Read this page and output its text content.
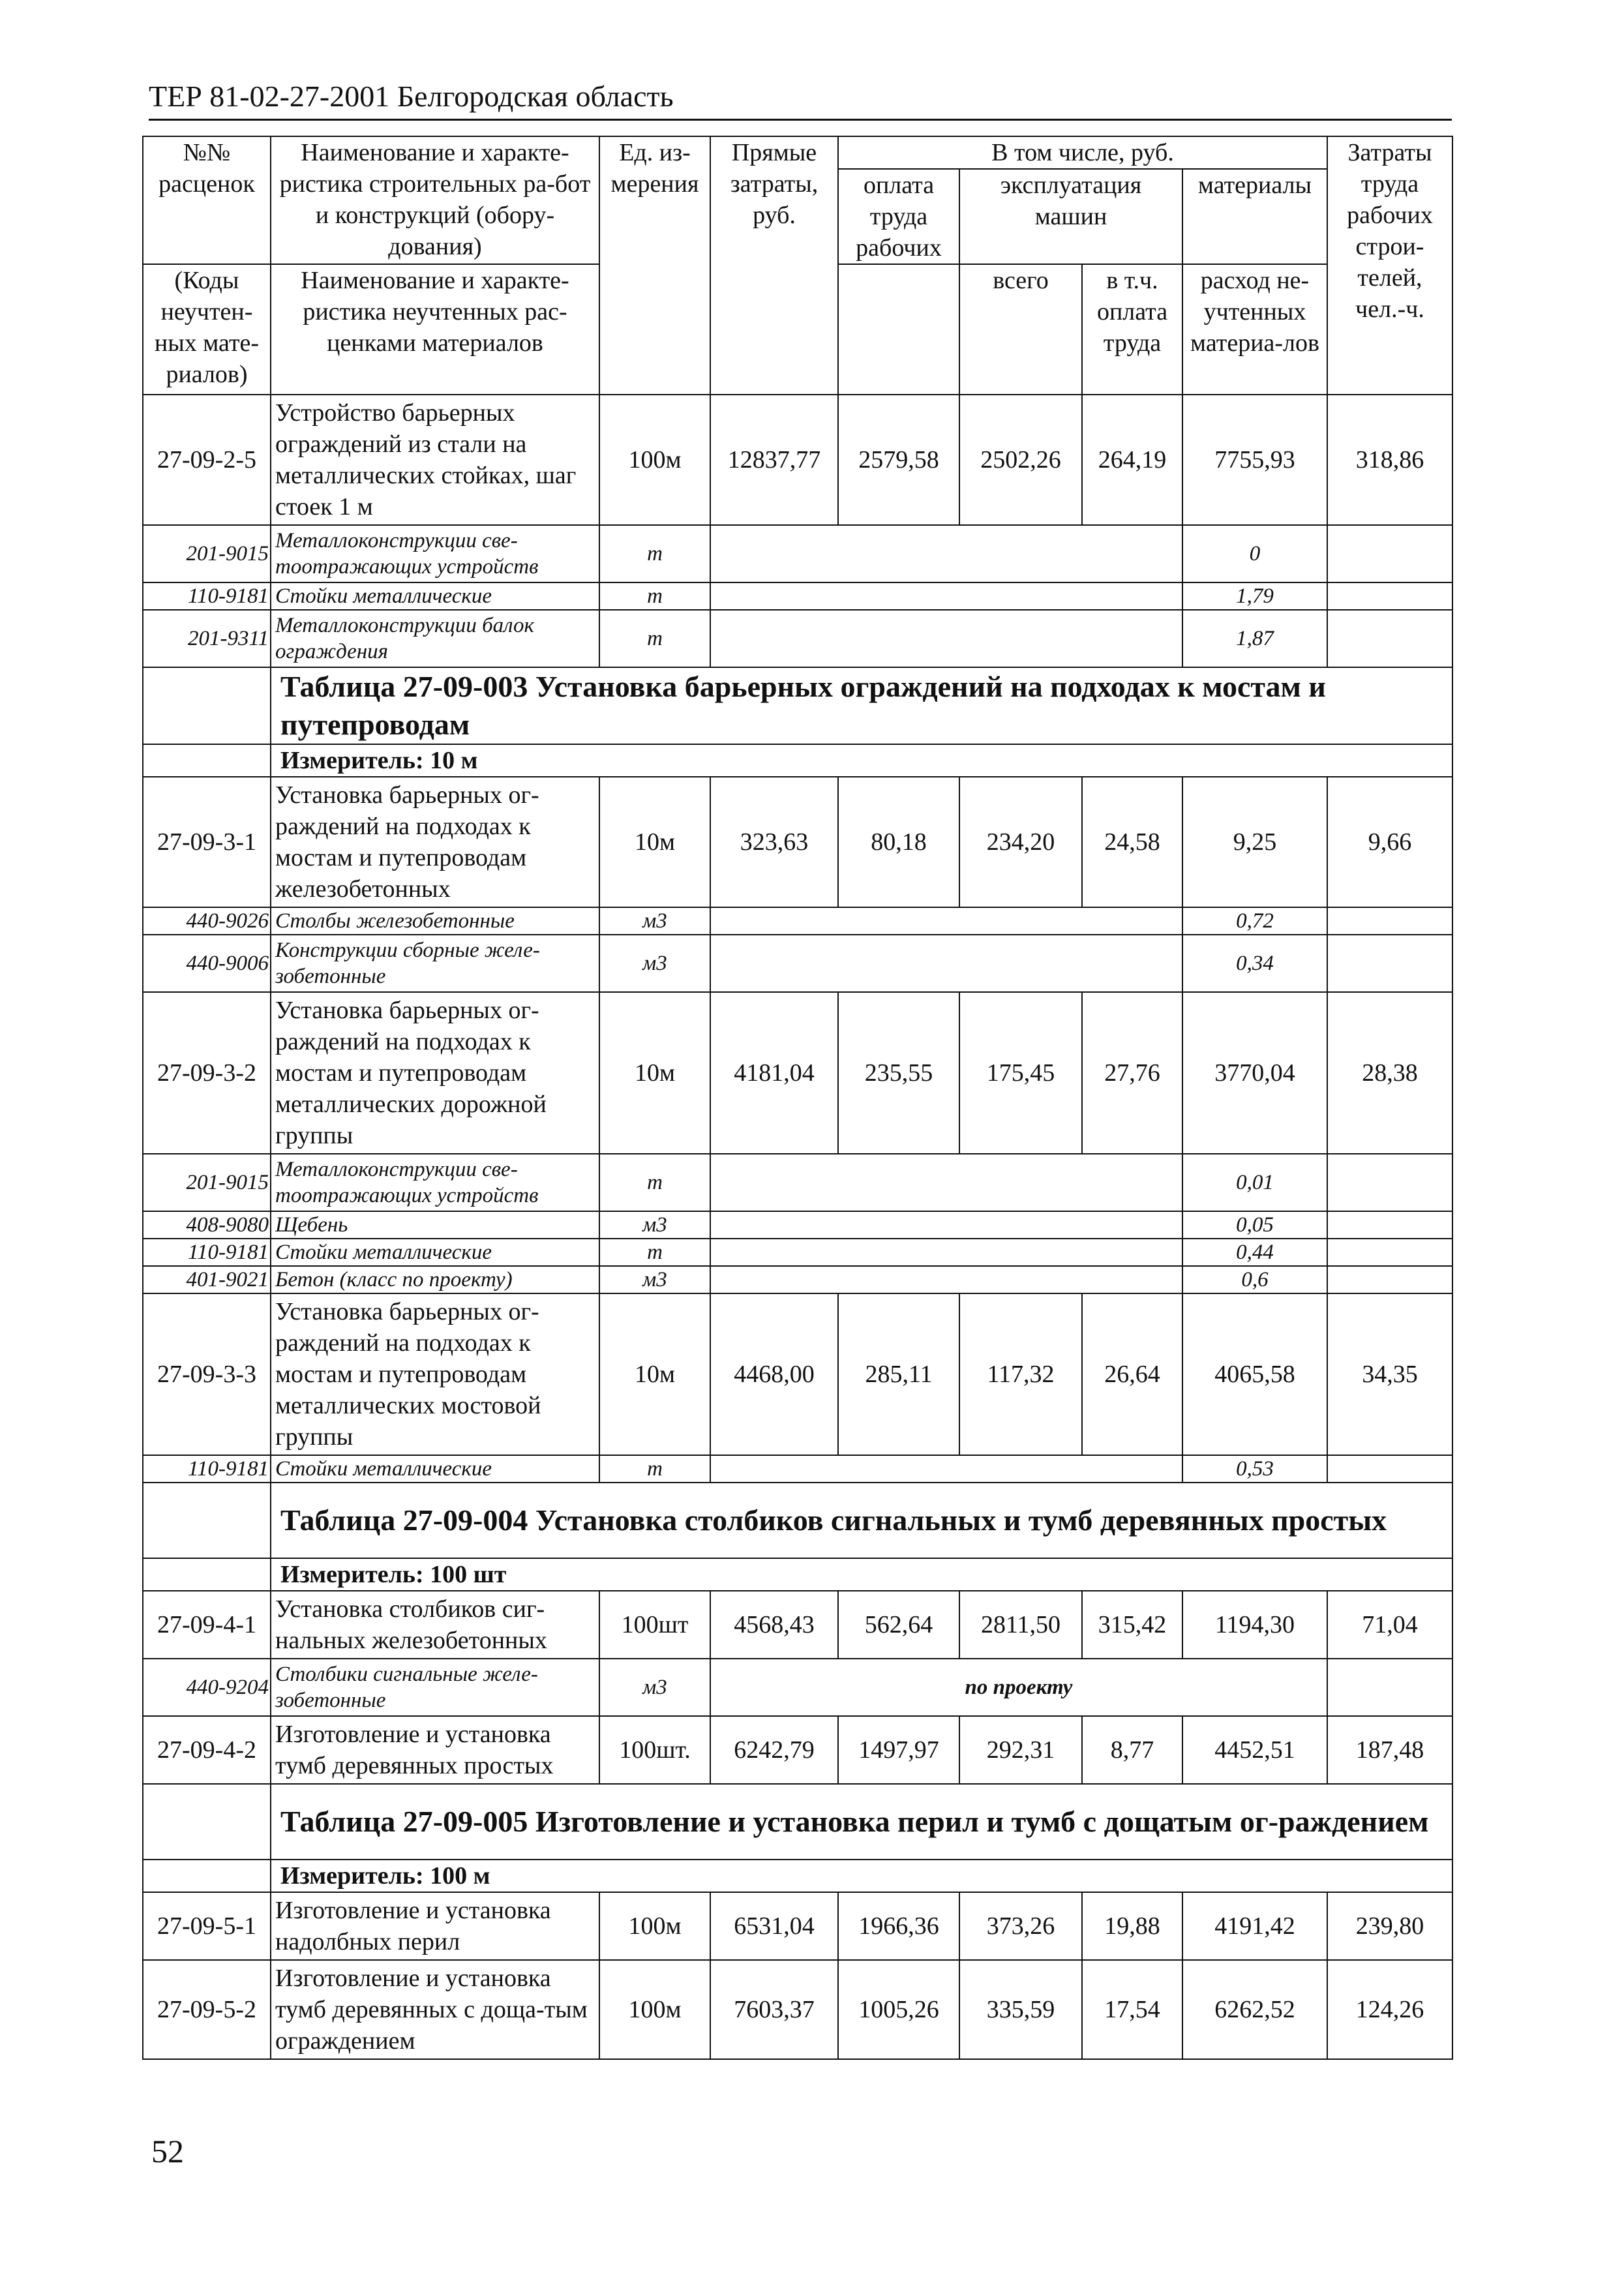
ТЕР 81-02-27-2001 Белгородская область
№№ расценок	Наименование и характе-ристика строительных ра-бот и конструкций (обору-дования)	Ед. из-мерения	Прямые затраты, руб.	В том числе, руб.				Затраты труда рабочих строи-телей, чел.-ч.
				оплата труда рабочих	эксплуатация машин		материалы	

(Коды неучтен-ных мате-риалов)	Наименование и характе-ристика неучтенных рас-ценками материалов				всего	в т.ч. оплата труда	расход не-учтенных материа-лов	

27-09-2-5	Устройство барьерных ограждений из стали на металлических стойках, шаг стоек 1 м	100м	12837,77	2579,58	2502,26	264,19	7755,93	318,86
201-9015	Металлоконструкции све-тоотражающих устройств	т					0	
110-9181	Стойки металлические	т					1,79	
201-9311	Металлоконструкции балок ограждения	т					1,87	
	Таблица 27-09-003 Установка барьерных ограждений на подходах к мостам и путепроводам							
	Измеритель: 10 м							
27-09-3-1	Установка барьерных ог-раждений на подходах к мостам и путепроводам железобетонных	10м	323,63	80,18	234,20	24,58	9,25	9,66
440-9026	Столбы железобетонные	м3					0,72	
440-9006	Конструкции сборные желе-зобетонные	м3					0,34	
27-09-3-2	Установка барьерных ог-раждений на подходах к мостам и путепроводам металлических дорожной группы	10м	4181,04	235,55	175,45	27,76	3770,04	28,38
201-9015	Металлоконструкции све-тоотражающих устройств	т					0,01	
408-9080	Щебень	м3					0,05	
110-9181	Стойки металлические	т					0,44	
401-9021	Бетон (класс по проекту)	м3					0,6	
27-09-3-3	Установка барьерных ог-раждений на подходах к мостам и путепроводам металлических мостовой группы	10м	4468,00	285,11	117,32	26,64	4065,58	34,35
110-9181	Стойки металлические	т					0,53	
	Таблица 27-09-004 Установка столбиков сигнальных и тумб деревянных простых							
	Измеритель: 100 шт							
27-09-4-1	Установка столбиков сиг-нальных железобетонных	100шт	4568,43	562,64	2811,50	315,42	1194,30	71,04
440-9204	Столбики сигнальные желе-зобетонные	м3	по проекту					
27-09-4-2	Изготовление и установка тумб деревянных простых	100шт.	6242,79	1497,97	292,31	8,77	4452,51	187,48
	Таблица 27-09-005 Изготовление и установка перил и тумб с дощатым ог-раждением							
	Измеритель: 100 м							
27-09-5-1	Изготовление и установка надолбных перил	100м	6531,04	1966,36	373,26	19,88	4191,42	239,80
27-09-5-2	Изготовление и установка тумб деревянных с доща-тым ограждением	100м	7603,37	1005,26	335,59	17,54	6262,52	124,26
52
